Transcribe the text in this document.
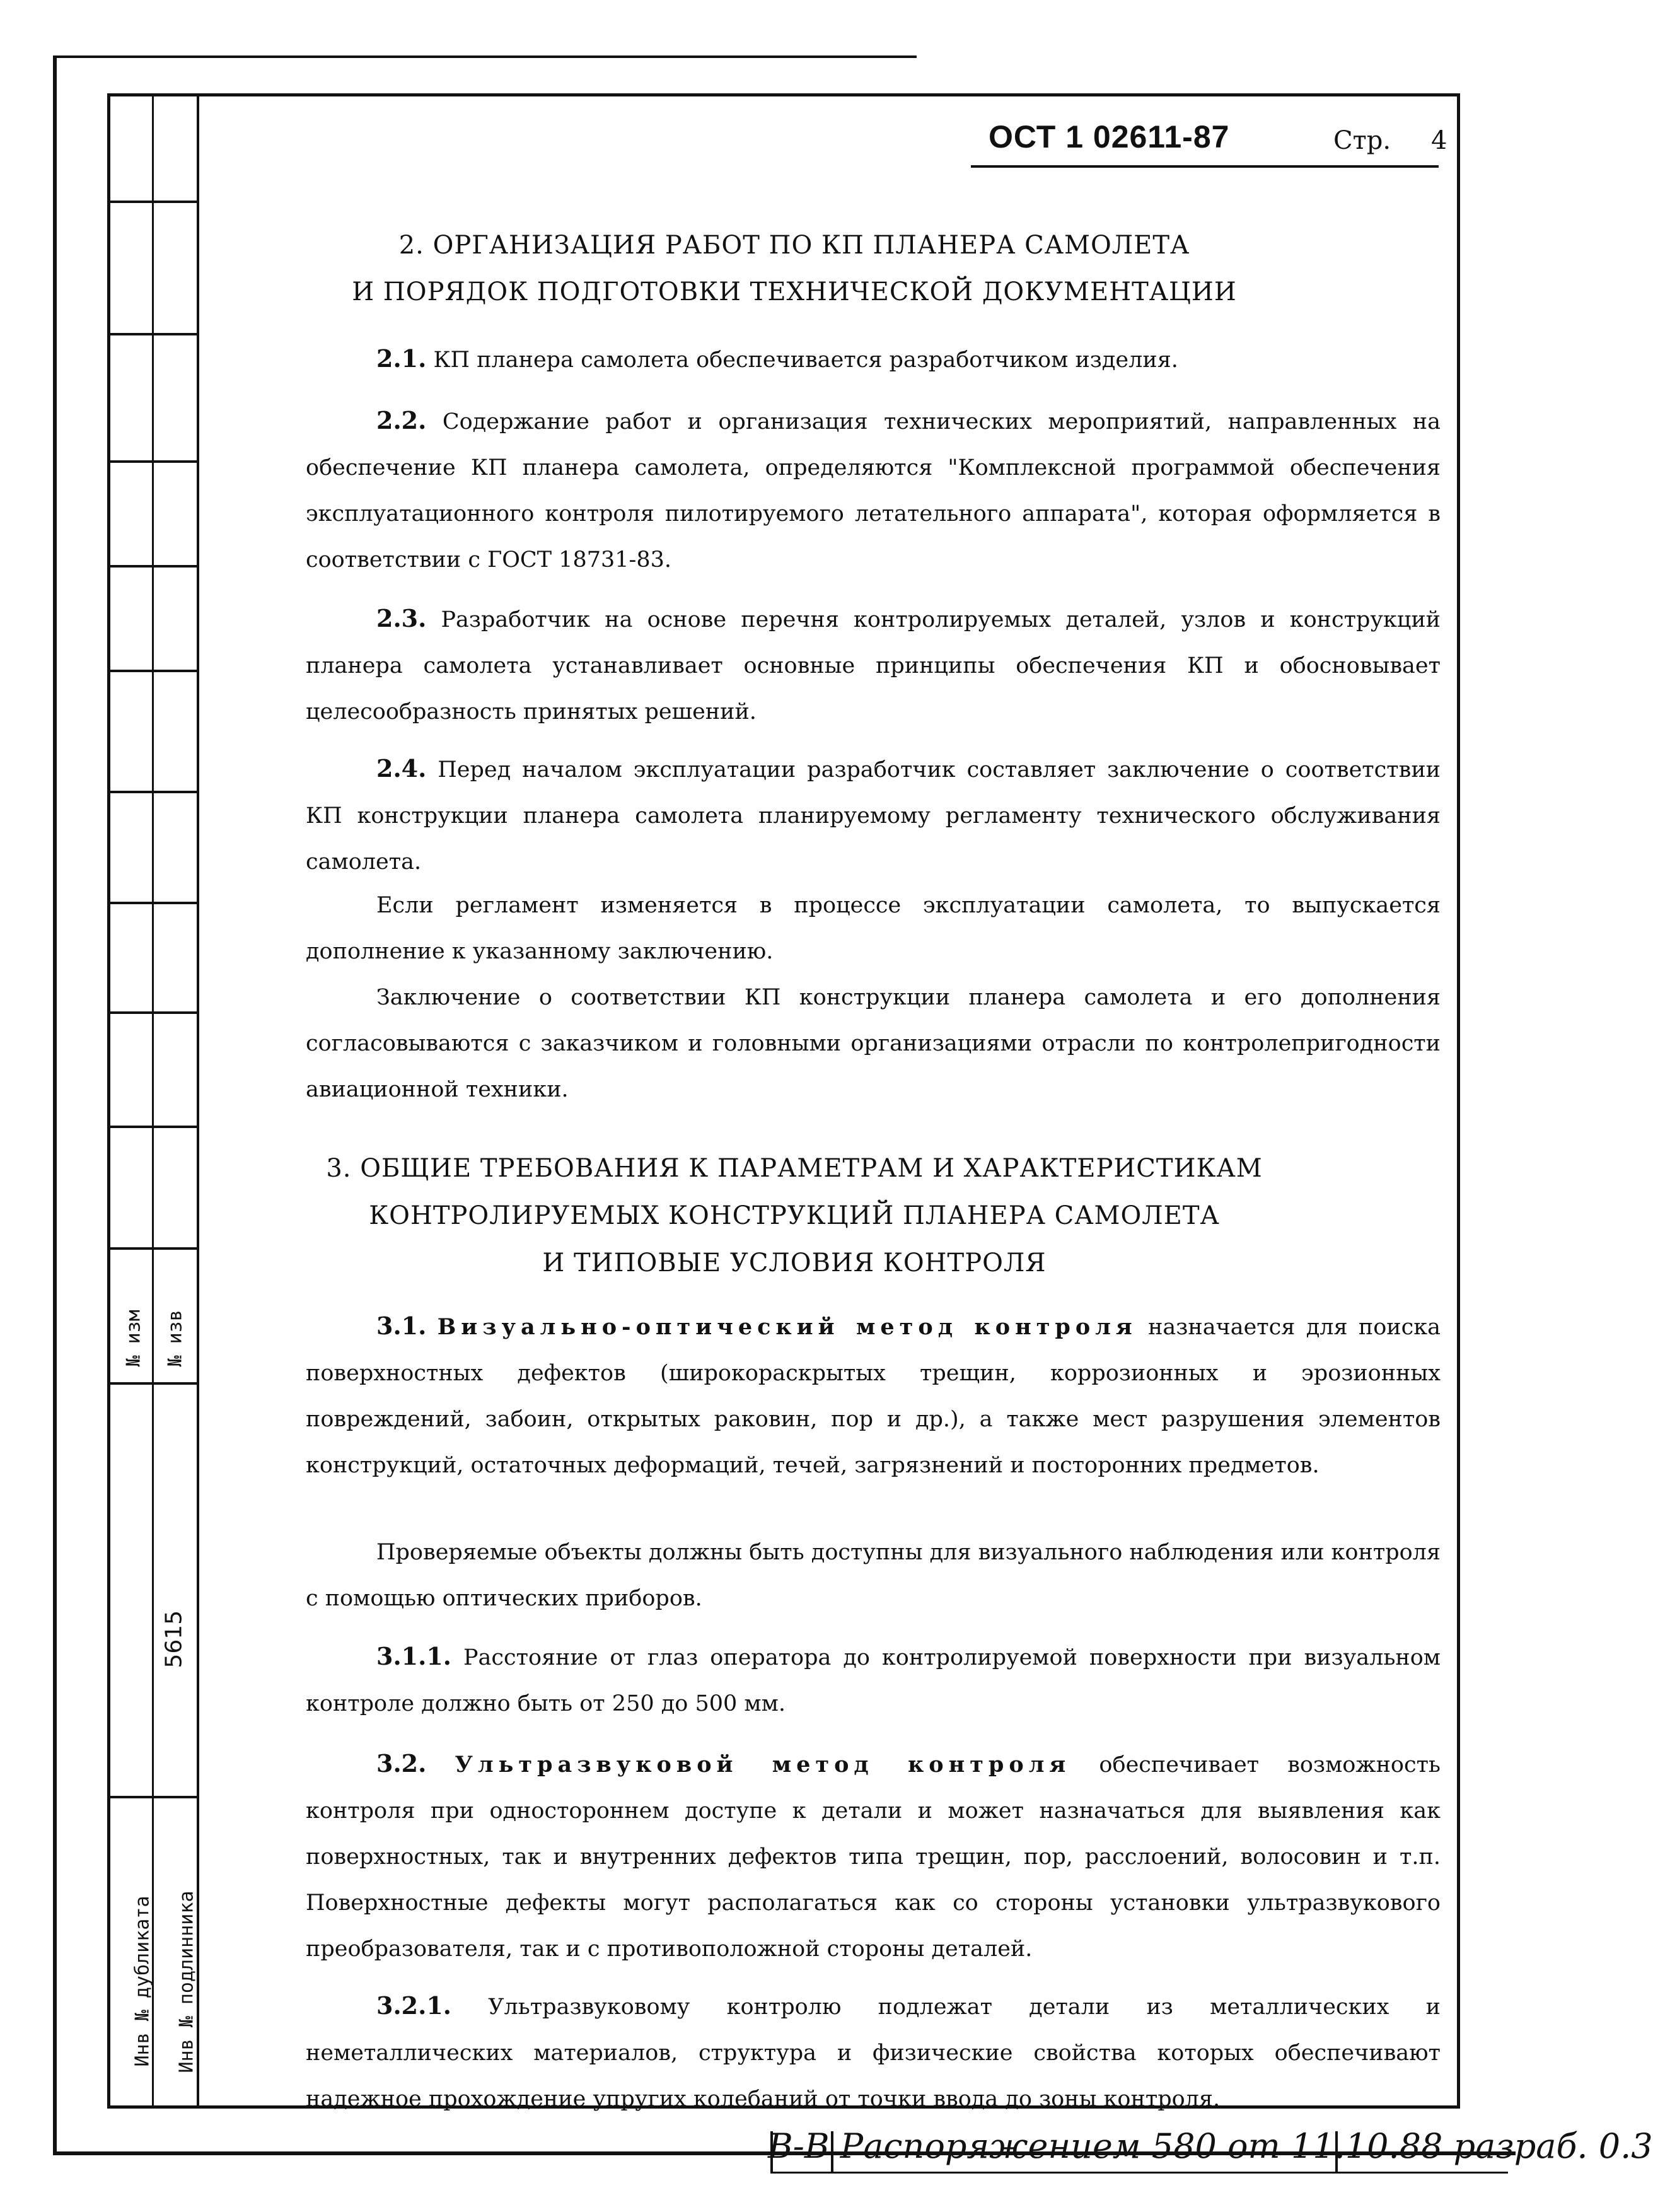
№ изм № изв
5615
Инв № дубликата Инв № подлинника
ОСТ 1 02611-87	Стр. 4
2. ОРГАНИЗАЦИЯ РАБОТ ПО КП ПЛАНЕРА САМОЛЕТА
И ПОРЯДОК ПОДГОТОВКИ ТЕХНИЧЕСКОЙ ДОКУМЕНТАЦИИ
2.1. КП планера самолета обеспечивается разработчиком изделия.
2.2. Содержание работ и организация технических мероприятий, направленных на обеспечение КП планера самолета, определяются "Комплексной программой обеспечения эксплуатационного контроля пилотируемого летательного аппарата", которая оформляется в соответствии с ГОСТ 18731-83.
2.3. Разработчик на основе перечня контролируемых деталей, узлов и конструкций планера самолета устанавливает основные принципы обеспечения КП и обосновывает целесообразность принятых решений.
2.4. Перед началом эксплуатации разработчик составляет заключение о соответствии КП конструкции планера самолета планируемому регламенту технического обслуживания самолета.
Если регламент изменяется в процессе эксплуатации самолета, то выпускается дополнение к указанному заключению.
Заключение о соответствии КП конструкции планера самолета и его дополнения согласовываются с заказчиком и головными организациями отрасли по контролепригодности авиационной техники.
3. ОБЩИЕ ТРЕБОВАНИЯ К ПАРАМЕТРАМ И ХАРАКТЕРИСТИКАМ
КОНТРОЛИРУЕМЫХ КОНСТРУКЦИЙ ПЛАНЕРА САМОЛЕТА
И ТИПОВЫЕ УСЛОВИЯ КОНТРОЛЯ
3.1. Визуально-оптический метод контроля назначается для поиска поверхностных дефектов (широкораскрытых трещин, коррозионных и эрозионных повреждений, забоин, открытых раковин, пор и др.), а также мест разрушения элементов конструкций, остаточных деформаций, течей, загрязнений и посторонних предметов.
Проверяемые объекты должны быть доступны для визуального наблюдения или контроля с помощью оптических приборов.
3.1.1. Расстояние от глаз оператора до контролируемой поверхности при визуальном контроле должно быть от 250 до 500 мм.
3.2. Ультразвуковой метод контроля обеспечивает возможность контроля при одностороннем доступе к детали и может назначаться для выявления как поверхностных, так и внутренних дефектов типа трещин, пор, расслоений, волосовин и т.п. Поверхностные дефекты могут располагаться как со стороны установки ультразвукового преобразователя, так и с противоположной стороны деталей.
3.2.1. Ультразвуковому контролю подлежат детали из металлических и неметаллических материалов, структура и физические свойства которых обеспечивают надежное прохождение упругих колебаний от точки ввода до зоны контроля.
В-В Распоряжением 580 от 11.10.88 разраб. 0.3
